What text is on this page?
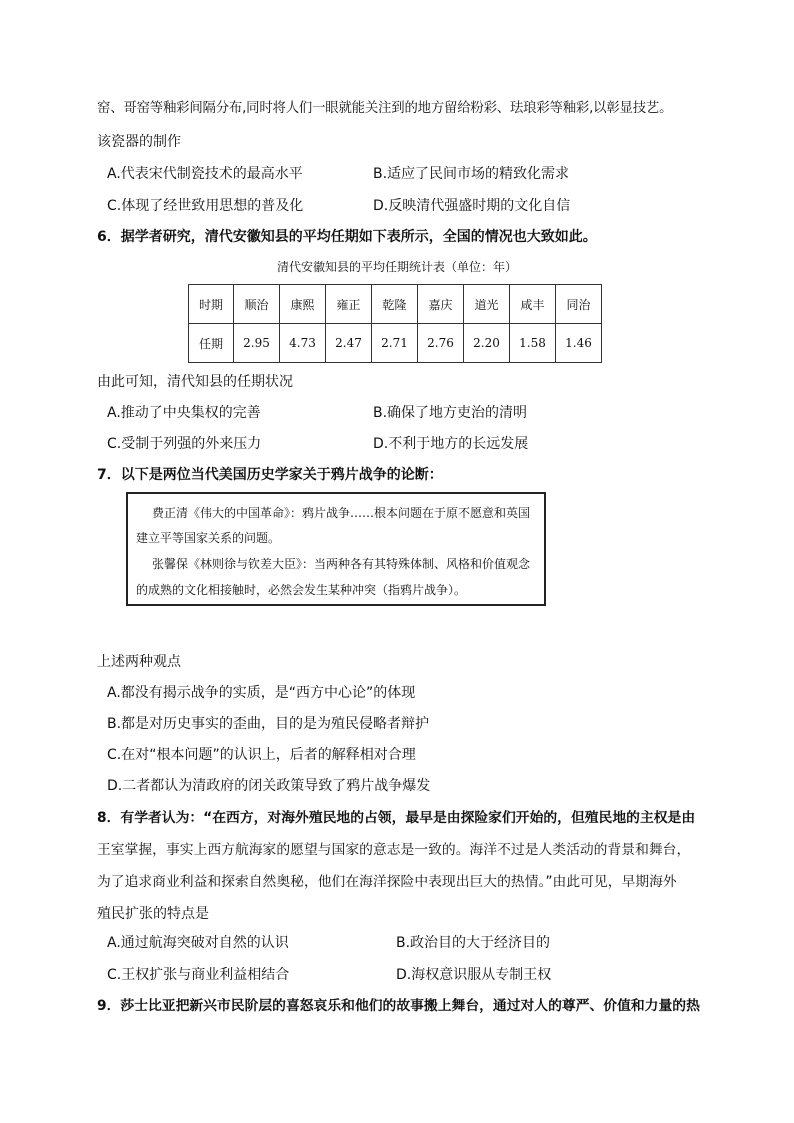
窑、哥窑等釉彩间隔分布,同时将人们一眼就能关注到的地方留给粉彩、珐琅彩等釉彩,以彰显技艺。
该瓷器的制作
A.代表宋代制瓷技术的最高水平	B.适应了民间市场的精致化需求
C.体现了经世致用思想的普及化	D.反映清代强盛时期的文化自信
6．据学者研究，清代安徽知县的平均任期如下表所示，全国的情况也大致如此。
清代安徽知县的平均任期统计表（单位：年）
时期	顺治	康熙	雍正	乾隆	嘉庆	道光	咸丰	同治
任期	2.95	4.73	2.47	2.71	2.76	2.20	1.58	1.46
由此可知，清代知县的任期状况
A.推动了中央集权的完善	B.确保了地方吏治的清明
C.受制于列强的外来压力	D.不利于地方的长远发展
7．以下是两位当代美国历史学家关于鸦片战争的论断：
费正清《伟大的中国革命》：鸦片战争……根本问题在于原不愿意和英国
建立平等国家关系的问题。
张馨保《林则徐与钦差大臣》：当两种各有其特殊体制、风格和价值观念
的成熟的文化相接触时，必然会发生某种冲突（指鸦片战争）。
上述两种观点
A.都没有揭示战争的实质，是“西方中心论”的体现
B.都是对历史事实的歪曲，目的是为殖民侵略者辩护
C.在对“根本问题”的认识上，后者的解释相对合理
D.二者都认为清政府的闭关政策导致了鸦片战争爆发
8．有学者认为：“在西方，对海外殖民地的占领，最早是由探险家们开始的，但殖民地的主权是由
王室掌握，事实上西方航海家的愿望与国家的意志是一致的。海洋不过是人类活动的背景和舞台，
为了追求商业利益和探索自然奥秘，他们在海洋探险中表现出巨大的热情。”由此可见，早期海外
殖民扩张的特点是
A.通过航海突破对自然的认识	B.政治目的大于经济目的
C.王权扩张与商业利益相结合	D.海权意识服从专制王权
9．莎士比亚把新兴市民阶层的喜怒哀乐和他们的故事搬上舞台，通过对人的尊严、价值和力量的热
